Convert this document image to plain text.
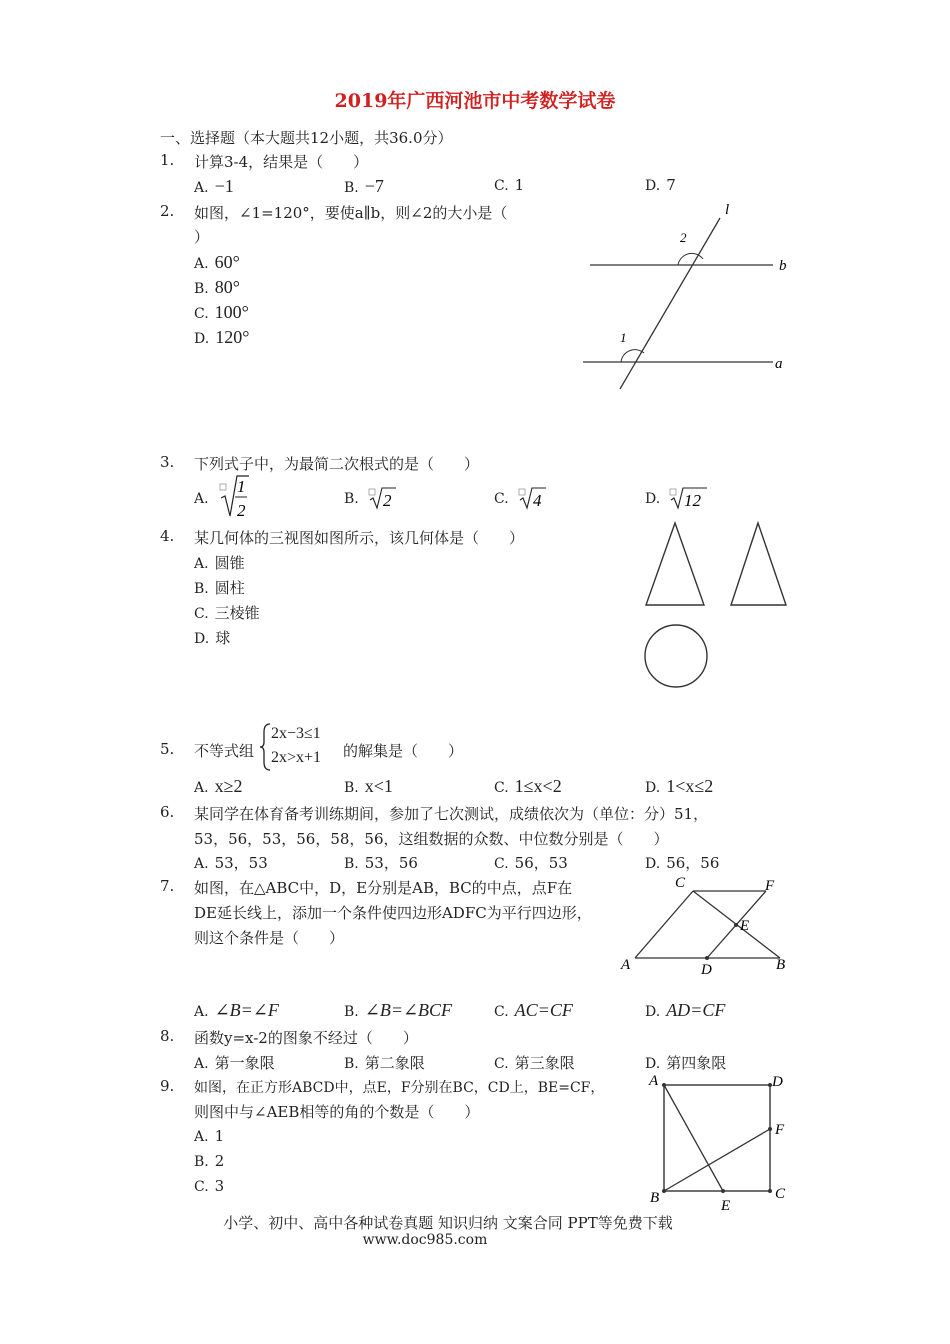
2019年广西河池市中考数学试卷
一、选择题（本大题共12小题，共36.0分）
1. 计算3-4，结果是（　　）
A. −1	B. −7	C. 1	D. 7
2. 如图，∠1=120°，要使a∥b，则∠2的大小是（
）
A. 60°
B. 80°
C. 100°
D. 120°
l
b
a
2
1
3. 下列式子中，为最简二次根式的是（　　）
A.
1
2
B.	2	C.	4	D.	12
4. 某几何体的三视图如图所示，该几何体是（　　）
A. 圆锥
B. 圆柱
C. 三棱锥
D. 球
5. 不等式组
2x−3≤1
2x>x+1 的解集是（　　）
A. x≥2	B. x<1	C. 1≤x<2	D. 1<x≤2
6. 某同学在体育备考训练期间，参加了七次测试，成绩依次为（单位：分）51，
53，56，53，56，58，56，这组数据的众数、中位数分别是（　　）
A. 53，53	B. 53，56	C. 56，53	D. 56，56
7. 如图，在△ABC中，D，E分别是AB，BC的中点，点F在
DE延长线上，添加一个条件使四边形ADFC为平行四边形，
则这个条件是（　　）
C	F
E
A	D	B
A. ∠B=∠F	B. ∠B=∠BCF	C. AC=CF	D. AD=CF
8. 函数y=x-2的图象不经过（　　）
A. 第一象限	B. 第二象限	C. 第三象限	D. 第四象限
9. 如图，在正方形ABCD中，点E，F分别在BC，CD上，BE=CF，
则图中与∠AEB相等的角的个数是（　　）
A. 1
B. 2
C. 3
A	D
F
B	C
E
小学、初中、高中各种试卷真题 知识归纳 文案合同 PPT等免费下载
www.doc985.com
